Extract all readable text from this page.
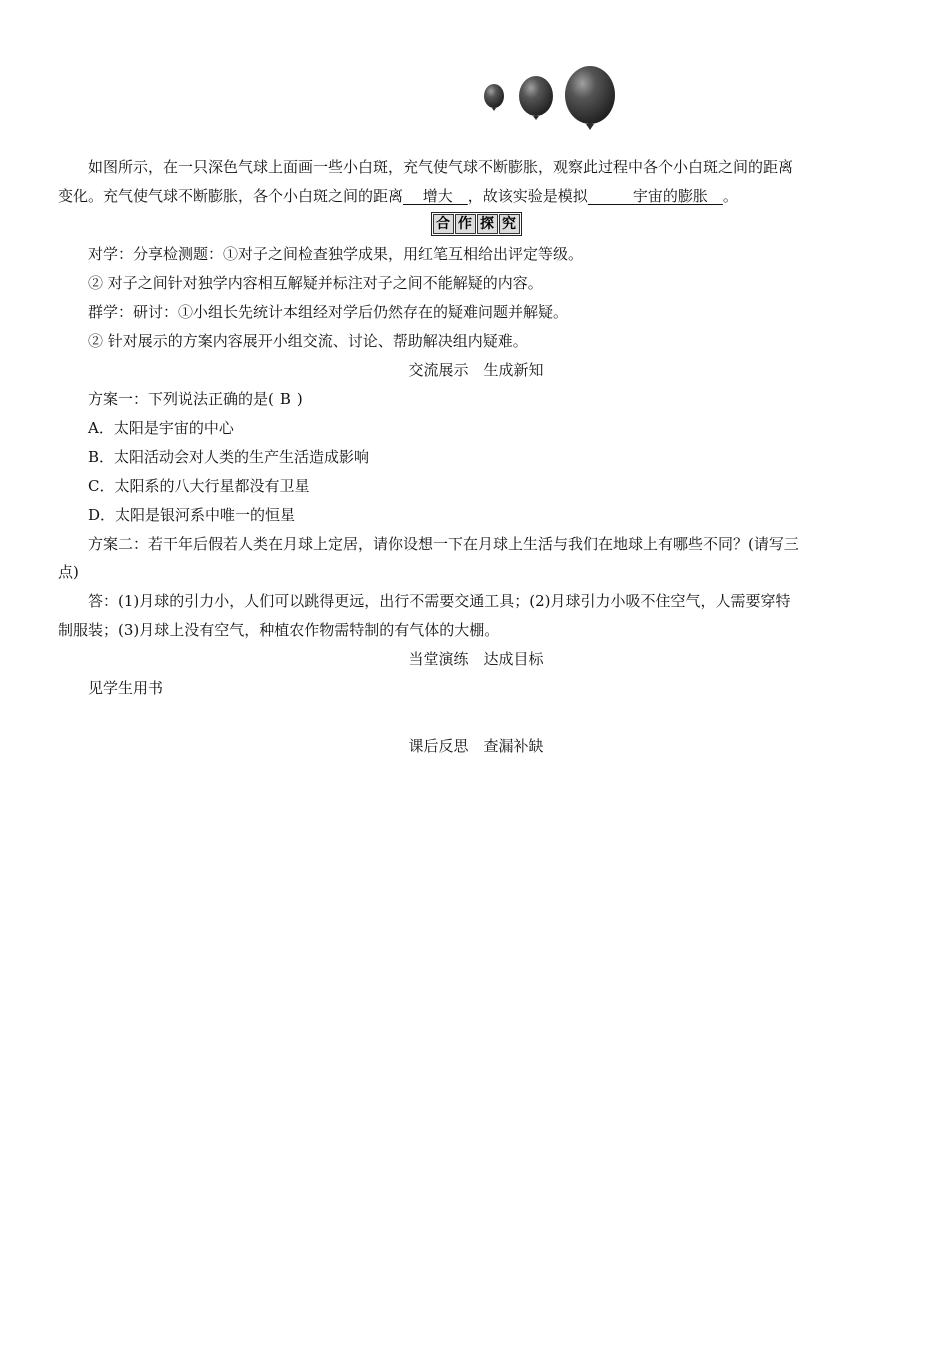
如图所示，在一只深色气球上面画一些小白斑，充气使气球不断膨胀，观察此过程中各个小白斑之间的距离
变化。充气使气球不断膨胀，各个小白斑之间的距离　 增大　，故该实验是模拟　　　宇宙的膨胀　。
合 作 探 究
对学：分享检测题：①对子之间检查独学成果，用红笔互相给出评定等级。
② 对子之间针对独学内容相互解疑并标注对子之间不能解疑的内容。
群学：研讨：①小组长先统计本组经对学后仍然存在的疑难问题并解疑。
② 针对展示的方案内容展开小组交流、讨论、帮助解决组内疑难。
交流展示　生成新知
方案一：下列说法正确的是( B )
A．太阳是宇宙的中心
B．太阳活动会对人类的生产生活造成影响
C．太阳系的八大行星都没有卫星
D．太阳是银河系中唯一的恒星
方案二：若干年后假若人类在月球上定居，请你设想一下在月球上生活与我们在地球上有哪些不同？(请写三
点)
答：(1)月球的引力小，人们可以跳得更远，出行不需要交通工具；(2)月球引力小吸不住空气，人需要穿特
制服装；(3)月球上没有空气，种植农作物需特制的有气体的大棚。
当堂演练　达成目标
见学生用书
课后反思　查漏补缺
